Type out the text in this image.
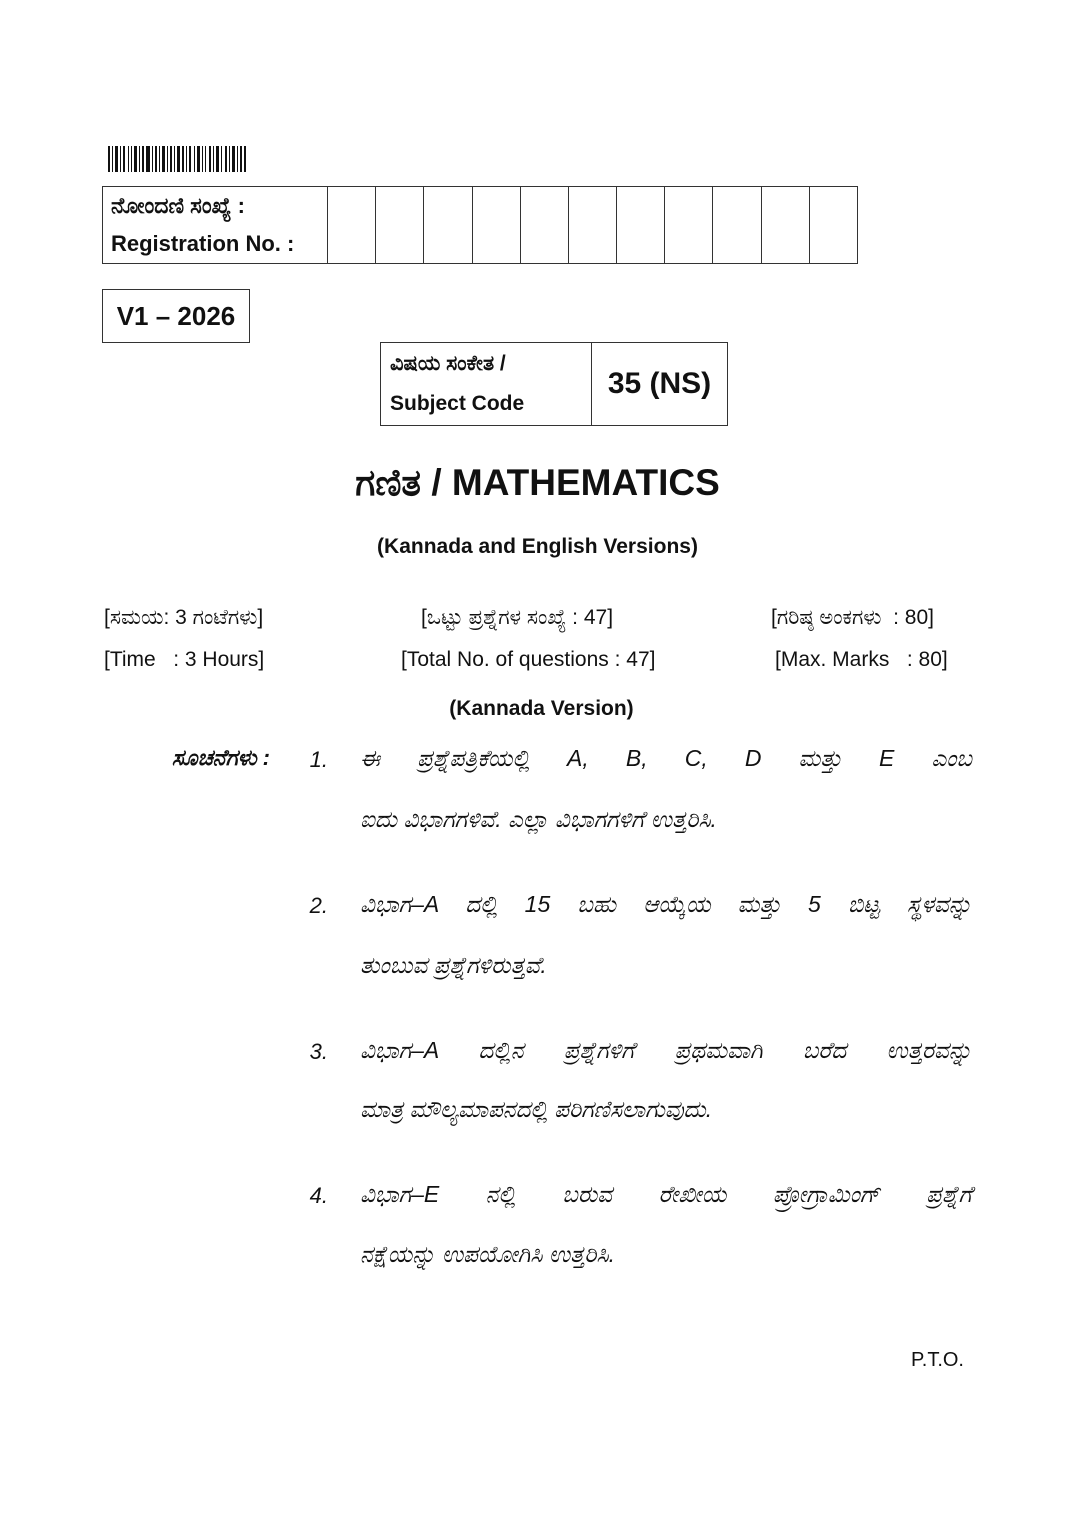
ನೋಂದಣಿ ಸಂಖ್ಯೆ :
Registration No. :

V1 – 2026
ವಿಷಯ ಸಂಕೇತ /
Subject Code
	35 (NS)
ಗಣಿತ / MATHEMATICS
(Kannada and English Versions)
[ಸಮಯ: 3 ಗಂಟೆಗಳು]	[ಒಟ್ಟು ಪ್ರಶ್ನೆಗಳ ಸಂಖ್ಯೆ : 47]	[ಗರಿಷ್ಠ ಅಂಕಗಳು  : 80]
[Time   : 3 Hours]	[Total No. of questions : 47]	[Max. Marks   : 80]
(Kannada Version)
ಸೂಚನೆಗಳು :	1. ಈ ಪ್ರಶ್ನೆಪತ್ರಿಕೆಯಲ್ಲಿ A, B, C, D ಮತ್ತು E ಎಂಬ
ಐದು ವಿಭಾಗಗಳಿವೆ. ಎಲ್ಲಾ ವಿಭಾಗಗಳಿಗೆ ಉತ್ತರಿಸಿ.
2. ವಿಭಾಗ–A ದಲ್ಲಿ 15 ಬಹು ಆಯ್ಕೆಯ ಮತ್ತು 5 ಬಿಟ್ಟ ಸ್ಥಳವನ್ನು
ತುಂಬುವ ಪ್ರಶ್ನೆಗಳಿರುತ್ತವೆ.
3. ವಿಭಾಗ–A ದಲ್ಲಿನ ಪ್ರಶ್ನೆಗಳಿಗೆ ಪ್ರಥಮವಾಗಿ ಬರೆದ ಉತ್ತರವನ್ನು
ಮಾತ್ರ ಮೌಲ್ಯಮಾಪನದಲ್ಲಿ ಪರಿಗಣಿಸಲಾಗುವುದು.
4. ವಿಭಾಗ–E ನಲ್ಲಿ ಬರುವ ರೇಖೀಯ ಪ್ರೋಗ್ರಾಮಿಂಗ್ ಪ್ರಶ್ನೆಗೆ
ನಕ್ಷೆಯನ್ನು ಉಪಯೋಗಿಸಿ ಉತ್ತರಿಸಿ.
P.T.O.
